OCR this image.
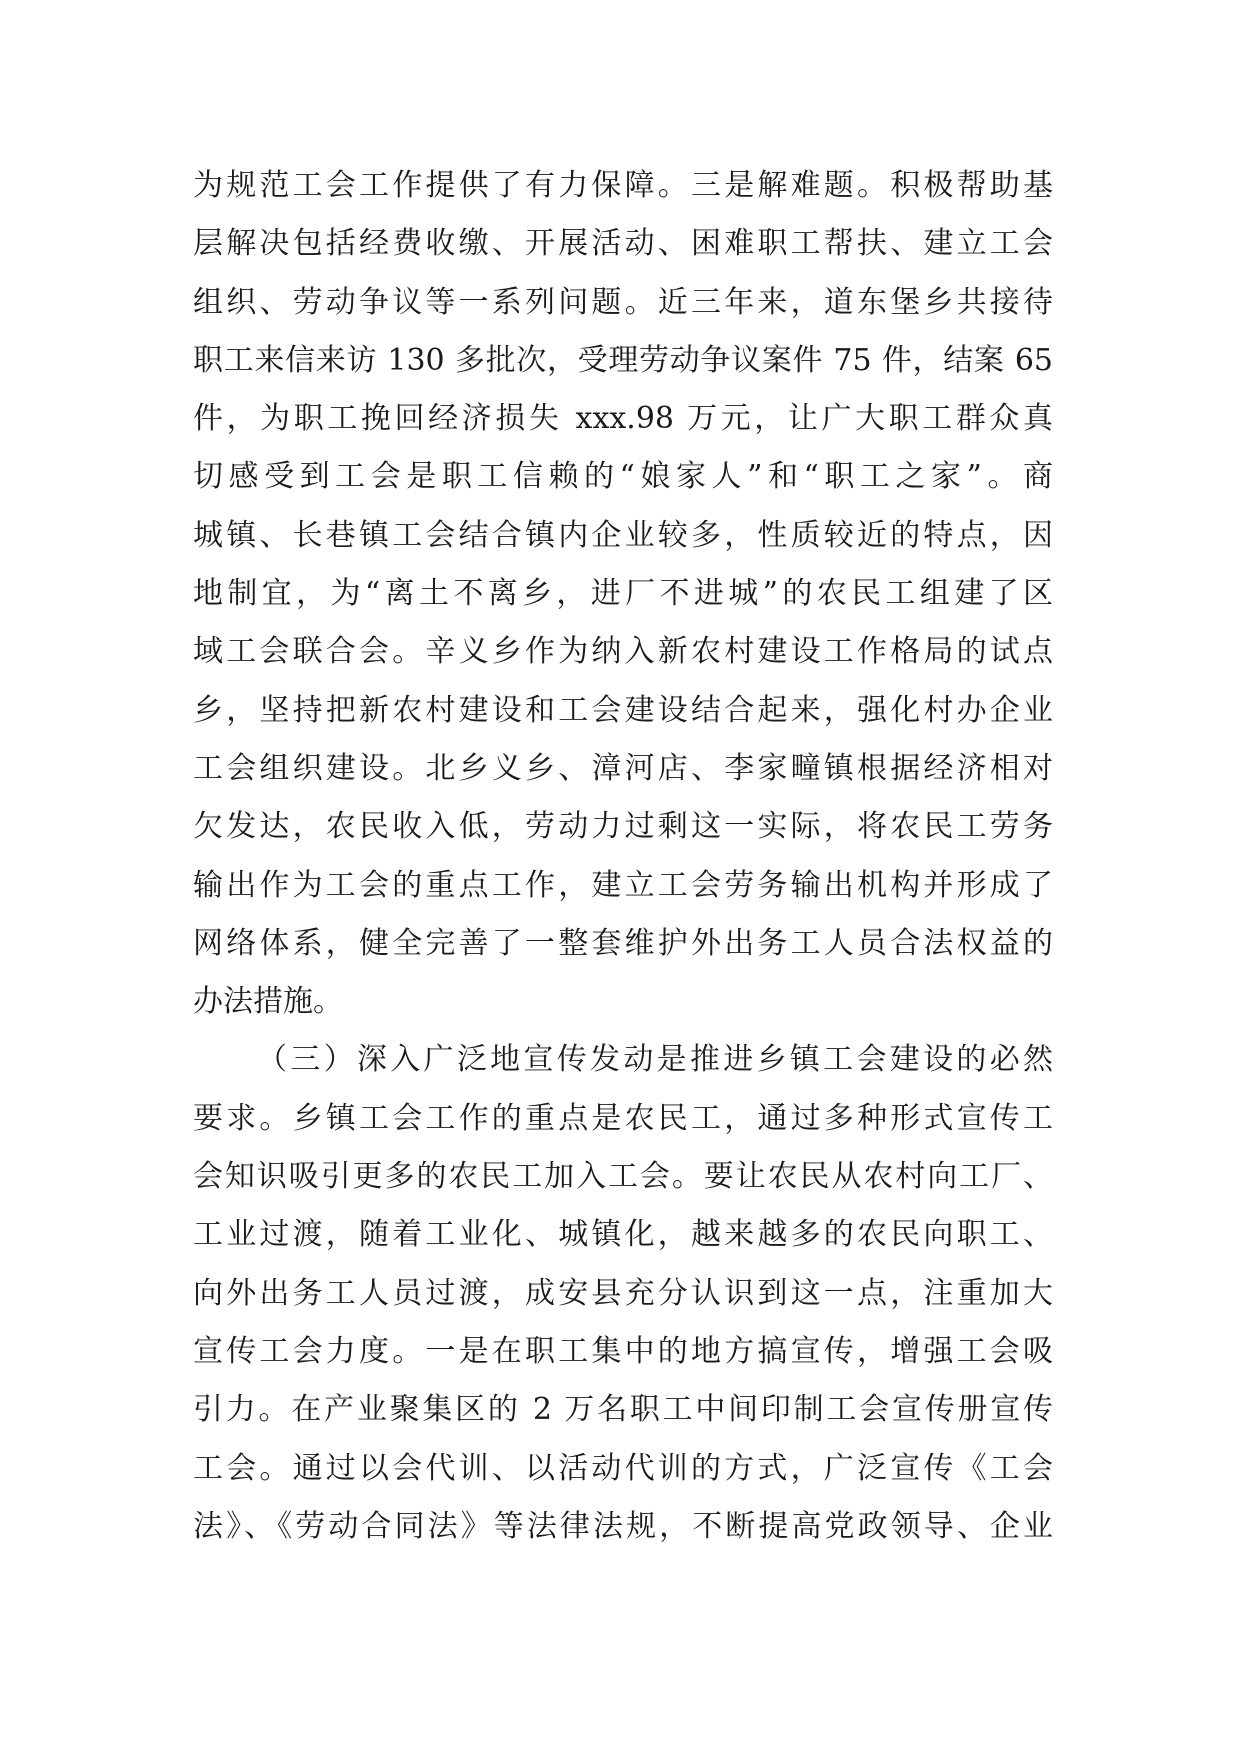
为规范工会工作提供了有力保障。三是解难题。积极帮助基
层解决包括经费收缴、开展活动、困难职工帮扶、建立工会
组织、劳动争议等一系列问题。近三年来，道东堡乡共接待
职工来信来访 130 多批次，受理劳动争议案件 75 件，结案 65
件，为职工挽回经济损失 xxx.98 万元，让广大职工群众真
切感受到工会是职工信赖的“娘家人”和“职工之家”。商
城镇、长巷镇工会结合镇内企业较多，性质较近的特点，因
地制宜，为“离土不离乡，进厂不进城”的农民工组建了区
域工会联合会。辛义乡作为纳入新农村建设工作格局的试点
乡，坚持把新农村建设和工会建设结合起来，强化村办企业
工会组织建设。北乡义乡、漳河店、李家疃镇根据经济相对
欠发达，农民收入低，劳动力过剩这一实际，将农民工劳务
输出作为工会的重点工作，建立工会劳务输出机构并形成了
网络体系，健全完善了一整套维护外出务工人员合法权益的
办法措施。
（三）深入广泛地宣传发动是推进乡镇工会建设的必然
要求。乡镇工会工作的重点是农民工，通过多种形式宣传工
会知识吸引更多的农民工加入工会。要让农民从农村向工厂、
工业过渡，随着工业化、城镇化，越来越多的农民向职工、
向外出务工人员过渡，成安县充分认识到这一点，注重加大
宣传工会力度。一是在职工集中的地方搞宣传，增强工会吸
引力。在产业聚集区的 2 万名职工中间印制工会宣传册宣传
工会。通过以会代训、以活动代训的方式，广泛宣传《工会
法》、《劳动合同法》等法律法规，不断提高党政领导、企业
